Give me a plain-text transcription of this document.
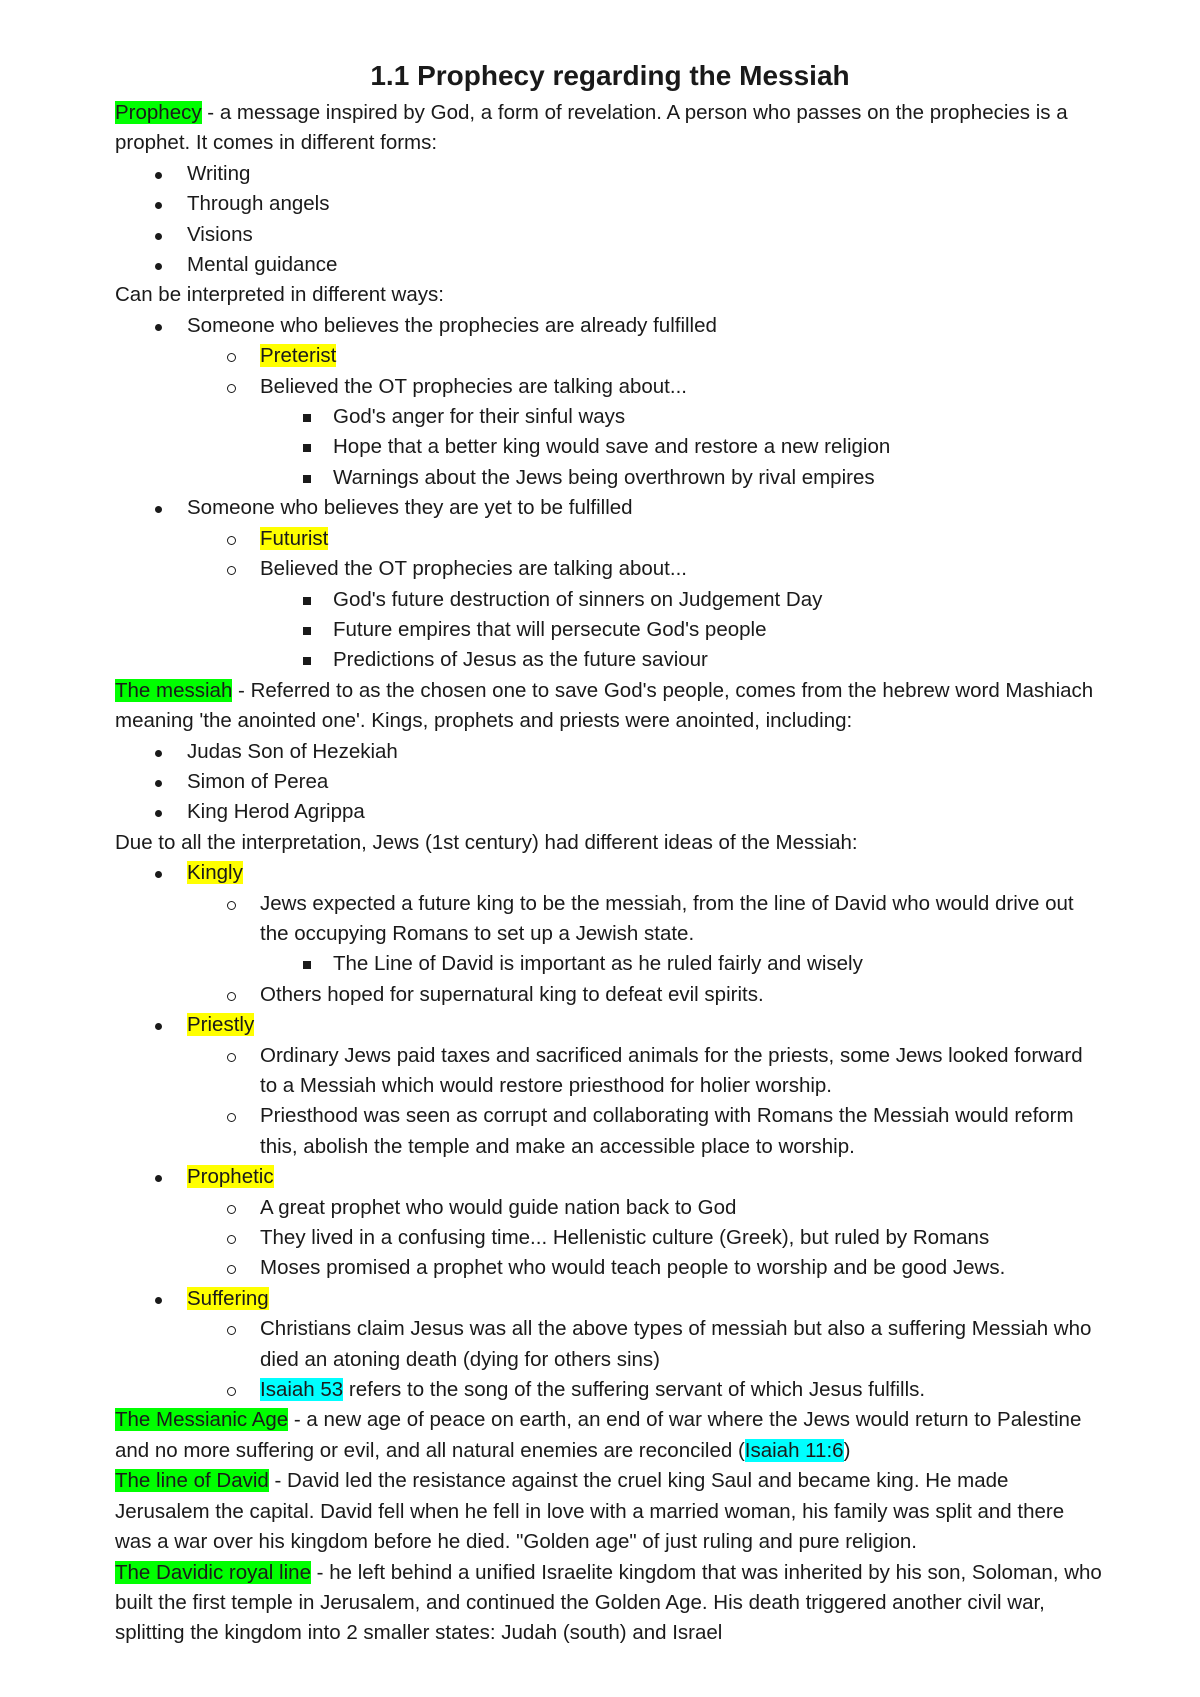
1.1 Prophecy regarding the Messiah

Prophecy - a message inspired by God, a form of revelation. A person who passes on the prophecies is a prophet. It comes in different forms:

Writing
Through angels
Visions
Mental guidance

Can be interpreted in different ways:

Someone who believes the prophecies are already fulfilled
Preterist
Believed the OT prophecies are talking about...
God's anger for their sinful ways
Hope that a better king would save and restore a new religion
Warnings about the Jews being overthrown by rival empires
Someone who believes they are yet to be fulfilled
Futurist
Believed the OT prophecies are talking about...
God's future destruction of sinners on Judgement Day
Future empires that will persecute God's people
Predictions of Jesus as the future saviour

The messiah - Referred to as the chosen one to save God's people, comes from the hebrew word Mashiach meaning 'the anointed one'. Kings, prophets and priests were anointed, including:

Judas Son of Hezekiah
Simon of Perea
King Herod Agrippa

Due to all the interpretation, Jews (1st century) had different ideas of the Messiah:

Kingly
Jews expected a future king to be the messiah, from the line of David who would drive out the occupying Romans to set up a Jewish state.
The Line of David is important as he ruled fairly and wisely
Others hoped for supernatural king to defeat evil spirits.
Priestly
Ordinary Jews paid taxes and sacrificed animals for the priests, some Jews looked forward to a Messiah which would restore priesthood for holier worship.
Priesthood was seen as corrupt and collaborating with Romans the Messiah would reform this, abolish the temple and make an accessible place to worship.
Prophetic
A great prophet who would guide nation back to God
They lived in a confusing time... Hellenistic culture (Greek), but ruled by Romans
Moses promised a prophet who would teach people to worship and be good Jews.
Suffering
Christians claim Jesus was all the above types of messiah but also a suffering Messiah who died an atoning death (dying for others sins)
Isaiah 53 refers to the song of the suffering servant of which Jesus fulfills.

The Messianic Age - a new age of peace on earth, an end of war where the Jews would return to Palestine and no more suffering or evil, and all natural enemies are reconciled (Isaiah 11:6)

The line of David - David led the resistance against the cruel king Saul and became king. He made Jerusalem the capital. David fell when he fell in love with a married woman, his family was split and there was a war over his kingdom before he died. "Golden age" of just ruling and pure religion.

The Davidic royal line - he left behind a unified Israelite kingdom that was inherited by his son, Soloman, who built the first temple in Jerusalem, and continued the Golden Age. His death triggered another civil war, splitting the kingdom into 2 smaller states: Judah (south) and Israel
